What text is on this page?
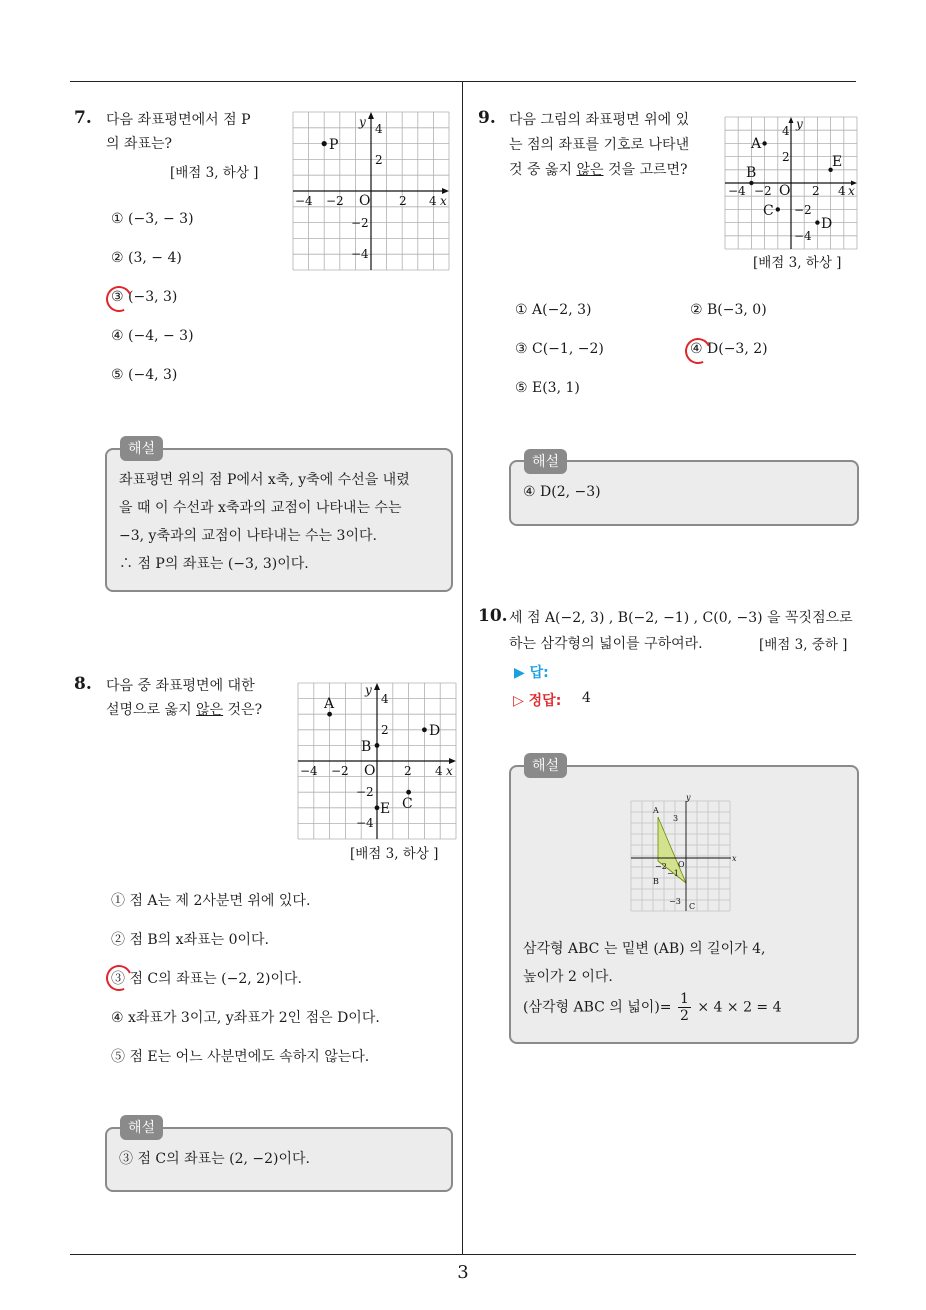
3
7. 다음 좌표평면에서 점 P
의 좌표는?
[배점 3, 하상 ]
−4 −2 O 2 4 x
y 4
2
−2
−4
P
① (−3, − 3)
② (3, − 4)
③ (−3, 3)
④ (−4, − 3)
⑤ (−4, 3)
좌표평면 위의 점 P에서 x축, y축에 수선을 내렸
을 때 이 수선과 x축과의 교점이 나타내는 수는
−3, y축과의 교점이 나타내는 수는 3이다.
∴ 점 P의 좌표는 (−3, 3)이다.
해설
8. 다음 중 좌표평면에 대한
설명으로 옳지 않은 것은?
−4 −2 O 2 4 x
y
4
2
−2
−4
A
B
C
D
E
[배점 3, 하상 ]
① 점 A는 제 2사분면 위에 있다.
② 점 B의 x좌표는 0이다.
③ 점 C의 좌표는 (−2, 2)이다.
④ x좌표가 3이고, y좌표가 2인 점은 D이다.
⑤ 점 E는 어느 사분면에도 속하지 않는다.
③ 점 C의 좌표는 (2, −2)이다.
해설
9. 다음 그림의 좌표평면 위에 있
는 점의 좌표를 기호로 나타낸
것 중 옳지 않은 것을 고르면?
−4 −2 O 2 4 x
y
4
2
−2
−4
A
B
C
D
E
[배점 3, 하상 ]
① A(−2, 3)	② B(−3, 0)
③ C(−1, −2)	④ D(−3, 2)
⑤ E(3, 1)
④ D(2, −3)
해설
10. 세 점 A(−2, 3) , B(−2, −1) , C(0, −3) 을 꼭짓점으로
하는 삼각형의 넓이를 구하여라.	[배점 3, 중하 ]
▶ 답:
▷ 정답: 4
A
B
C
O
3
−3
−2
−1
x
y
삼각형 ABC 는 밑변 (AB) 의 길이가 4,
높이가 2 이다.
(삼각형 ABC 의 넓이)= $\frac{1}{2} \times 4 \times 2 = 4$
해설
